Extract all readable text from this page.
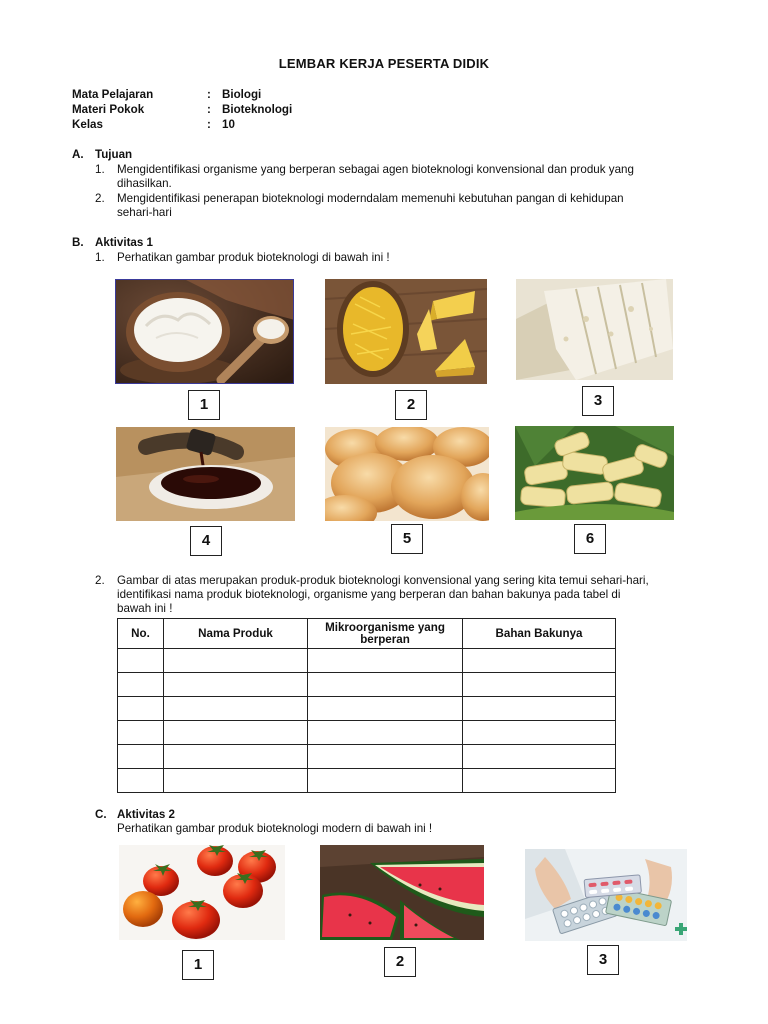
LEMBAR KERJA PESERTA DIDIK
Mata Pelajaran	: Biologi
Materi Pokok	: Bioteknologi
Kelas	: 10
A. Tujuan
1. Mengidentifikasi organisme yang berperan sebagai agen bioteknologi konvensional dan produk yang
dihasilkan.
2. Mengidentifikasi penerapan bioteknologi moderndalam memenuhi kebutuhan pangan di kehidupan
sehari-hari
B. Aktivitas 1
1. Perhatikan gambar produk bioteknologi di bawah ini !
1	2	3
4	5	6
2. Gambar di atas merupakan produk-produk bioteknologi konvensional yang sering kita temui sehari-hari,
identifikasi nama produk bioteknologi, organisme yang berperan dan bahan bakunya pada tabel di
bawah ini !
No.	Nama Produk	Mikroorganisme yang berperan	Bahan Bakunya

C. Aktivitas 2
Perhatikan gambar produk bioteknologi modern di bawah ini !
1	2	3
